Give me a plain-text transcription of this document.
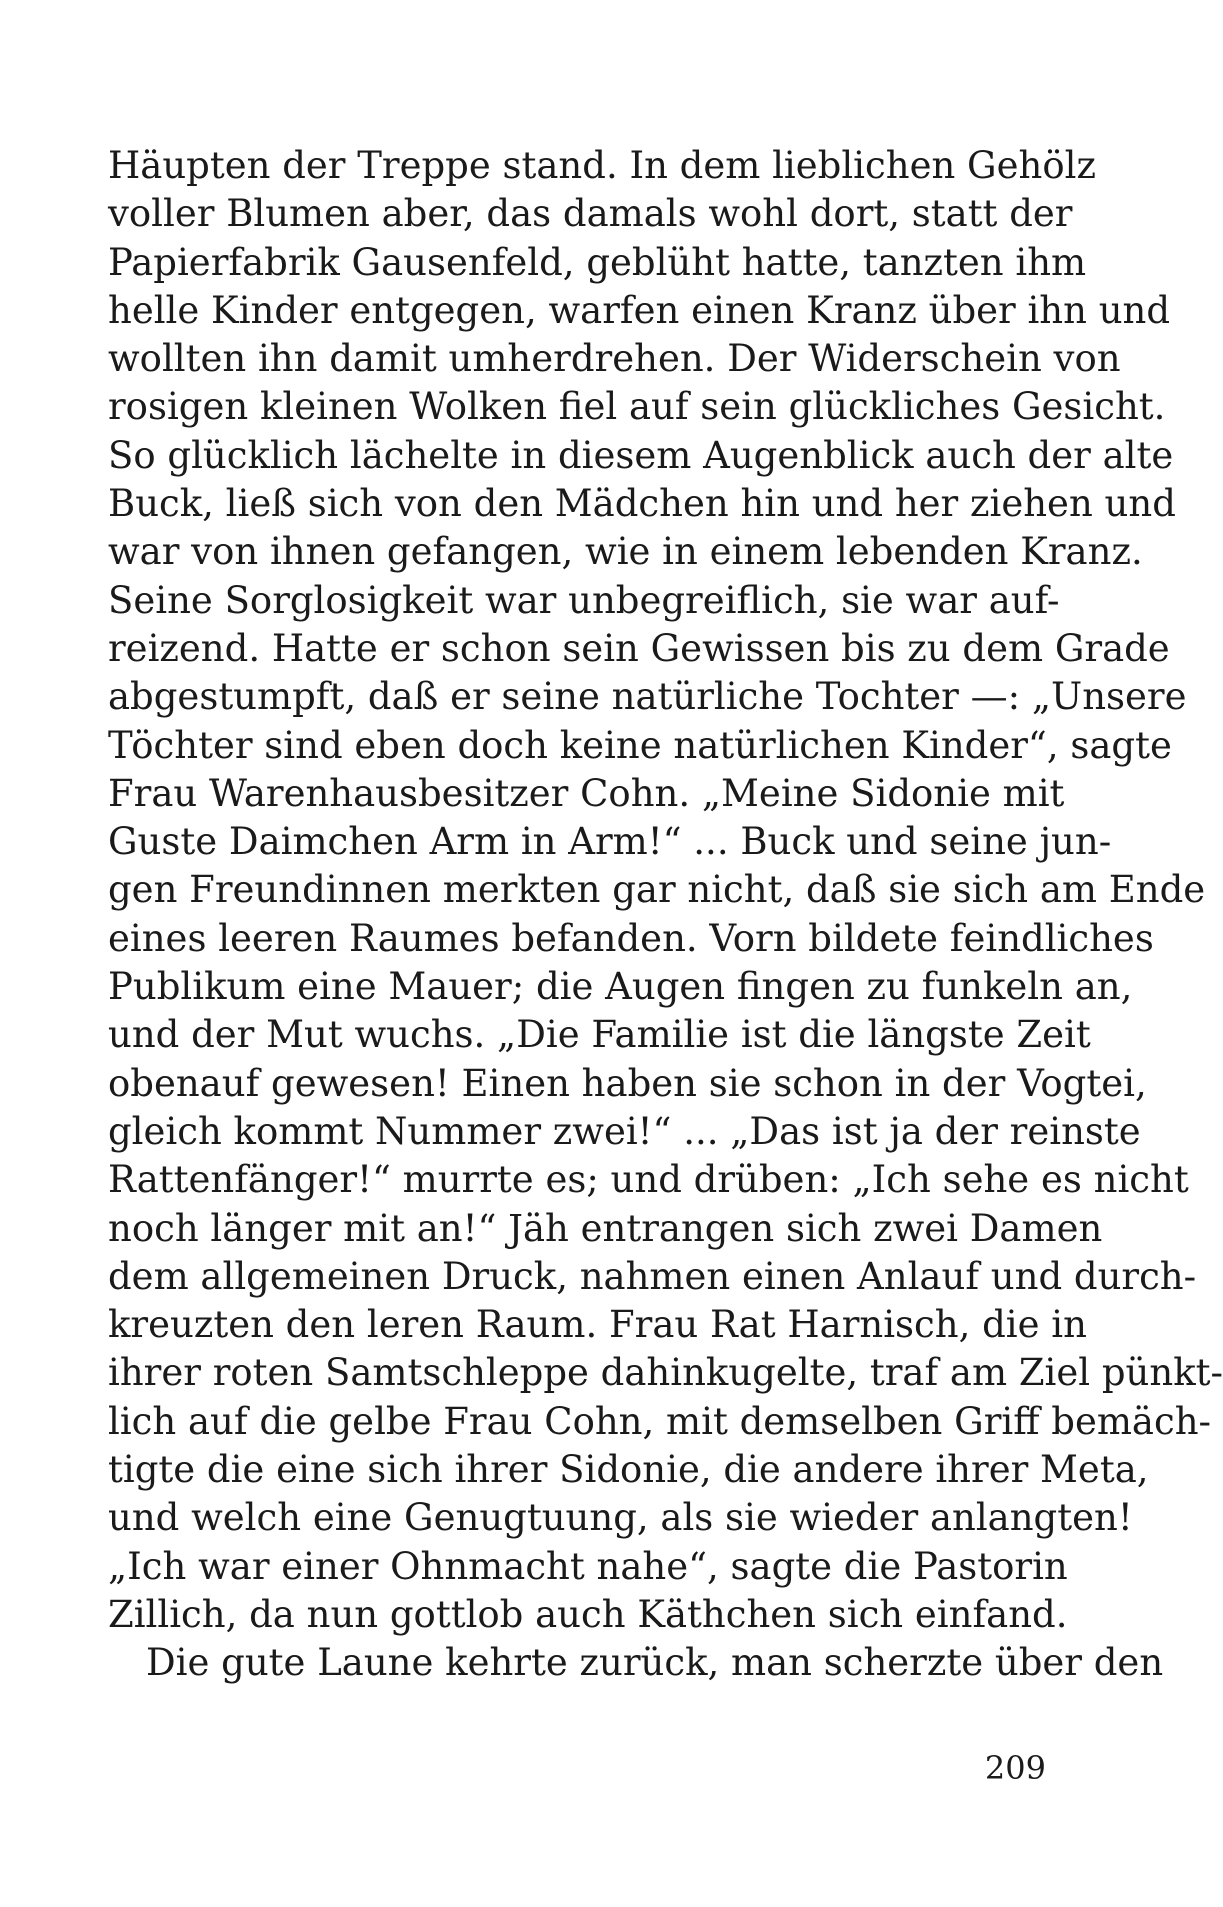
Häupten der Treppe stand. In dem lieblichen Gehölz
voller Blumen aber, das damals wohl dort, statt der
Papierfabrik Gausenfeld, geblüht hatte, tanzten ihm
helle Kinder entgegen, warfen einen Kranz über ihn und
wollten ihn damit umherdrehen. Der Widerschein von
rosigen kleinen Wolken fiel auf sein glückliches Gesicht.
So glücklich lächelte in diesem Augenblick auch der alte
Buck, ließ sich von den Mädchen hin und her ziehen und
war von ihnen gefangen, wie in einem lebenden Kranz.
Seine Sorglosigkeit war unbegreiflich, sie war auf-
reizend. Hatte er schon sein Gewissen bis zu dem Grade
abgestumpft, daß er seine natürliche Tochter —: „Unsere
Töchter sind eben doch keine natürlichen Kinder“, sagte
Frau Warenhausbesitzer Cohn. „Meine Sidonie mit
Guste Daimchen Arm in Arm!“ ... Buck und seine jun-
gen Freundinnen merkten gar nicht, daß sie sich am Ende
eines leeren Raumes befanden. Vorn bildete feindliches
Publikum eine Mauer; die Augen fingen zu funkeln an,
und der Mut wuchs. „Die Familie ist die längste Zeit
obenauf gewesen! Einen haben sie schon in der Vogtei,
gleich kommt Nummer zwei!“ ... „Das ist ja der reinste
Rattenfänger!“ murrte es; und drüben: „Ich sehe es nicht
noch länger mit an!“ Jäh entrangen sich zwei Damen
dem allgemeinen Druck, nahmen einen Anlauf und durch-
kreuzten den leren Raum. Frau Rat Harnisch, die in
ihrer roten Samtschleppe dahinkugelte, traf am Ziel pünkt-
lich auf die gelbe Frau Cohn, mit demselben Griff bemäch-
tigte die eine sich ihrer Sidonie, die andere ihrer Meta,
und welch eine Genugtuung, als sie wieder anlangten!
„Ich war einer Ohnmacht nahe“, sagte die Pastorin
Zillich, da nun gottlob auch Käthchen sich einfand.
Die gute Laune kehrte zurück, man scherzte über den
209
